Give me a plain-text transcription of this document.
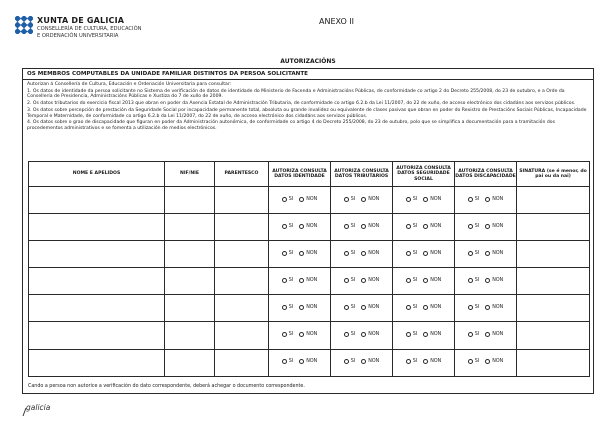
XUNTA DE GALICIA
CONSELLERÍA DE CULTURA, EDUCACIÓN
E ORDENACIÓN UNIVERSITARIA
ANEXO II
AUTORIZACIÓNS
OS MEMBROS COMPUTABLES DA UNIDADE FAMILIAR DISTINTOS DA PERSOA SOLICITANTE

Autorizan á Consellería de Cultura, Educación e Ordenación Universitaria para consultar:

1. Os datos de identidade da persoa solicitante no Sistema de verificación de datos de identidade do Ministerio de Facenda e Administracións Públicas, de conformidade co artigo 2 do Decreto 255/2008, do 23 de outubro, e a Orde da Consellería de Presidencia, Administracións Públicas e Xustiza do 7 de xullo de 2009.

2. Os datos tributarios do exercicio fiscal 2013 que obran en poder da Axencia Estatal de Administración Tributaria, de conformidade co artigo 6.2.b da Lei 11/2007, do 22 de xuño, de acceso electrónico dos cidadáns aos servizos públicos.

3. Os datos sobre percepción de prestación da Seguridade Social por incapacidade permanente total, absoluta ou grande invalidez ou equivalente de clases pasivas que obran en poder do Rexistro de Prestacións Sociais Públicas, Incapacidade Temporal e Maternidade, de conformidade co artigo 6.2.b da Lei 11/2007, do 22 de xuño, de acceso electrónico dos cidadáns aos servizos públicos.

4. Os datos sobre o grao de discapacidade que figuran en poder da Administración autonómica, de conformidade co artigo 4 do Decreto 255/2008, do 23 de outubro, polo que se simplifica a documentación para a tramitación dos procedementos administrativos e se fomenta a utilización de medios electrónicos.

NOME E APELIDOS	NIF/NIE	PARENTESCO	AUTORIZA CONSULTA DATOS IDENTIDADE	AUTORIZA CONSULTA DATOS TRIBUTARIOS	AUTORIZA CONSULTA DATOS SEGURIDADE SOCIAL	AUTORIZA CONSULTA DATOS DISCAPACIDADE	SINATURA (se é menor, do pai ou da nai)

			SI NON	SI NON	SI NON	SI NON	

			SI NON	SI NON	SI NON	SI NON	

			SI NON	SI NON	SI NON	SI NON	

			SI NON	SI NON	SI NON	SI NON	

			SI NON	SI NON	SI NON	SI NON	

			SI NON	SI NON	SI NON	SI NON	

			SI NON	SI NON	SI NON	SI NON	

Cando a persoa non autorice a verificación do dato correspondente, deberá achegar o documento correspondente.
galicia
